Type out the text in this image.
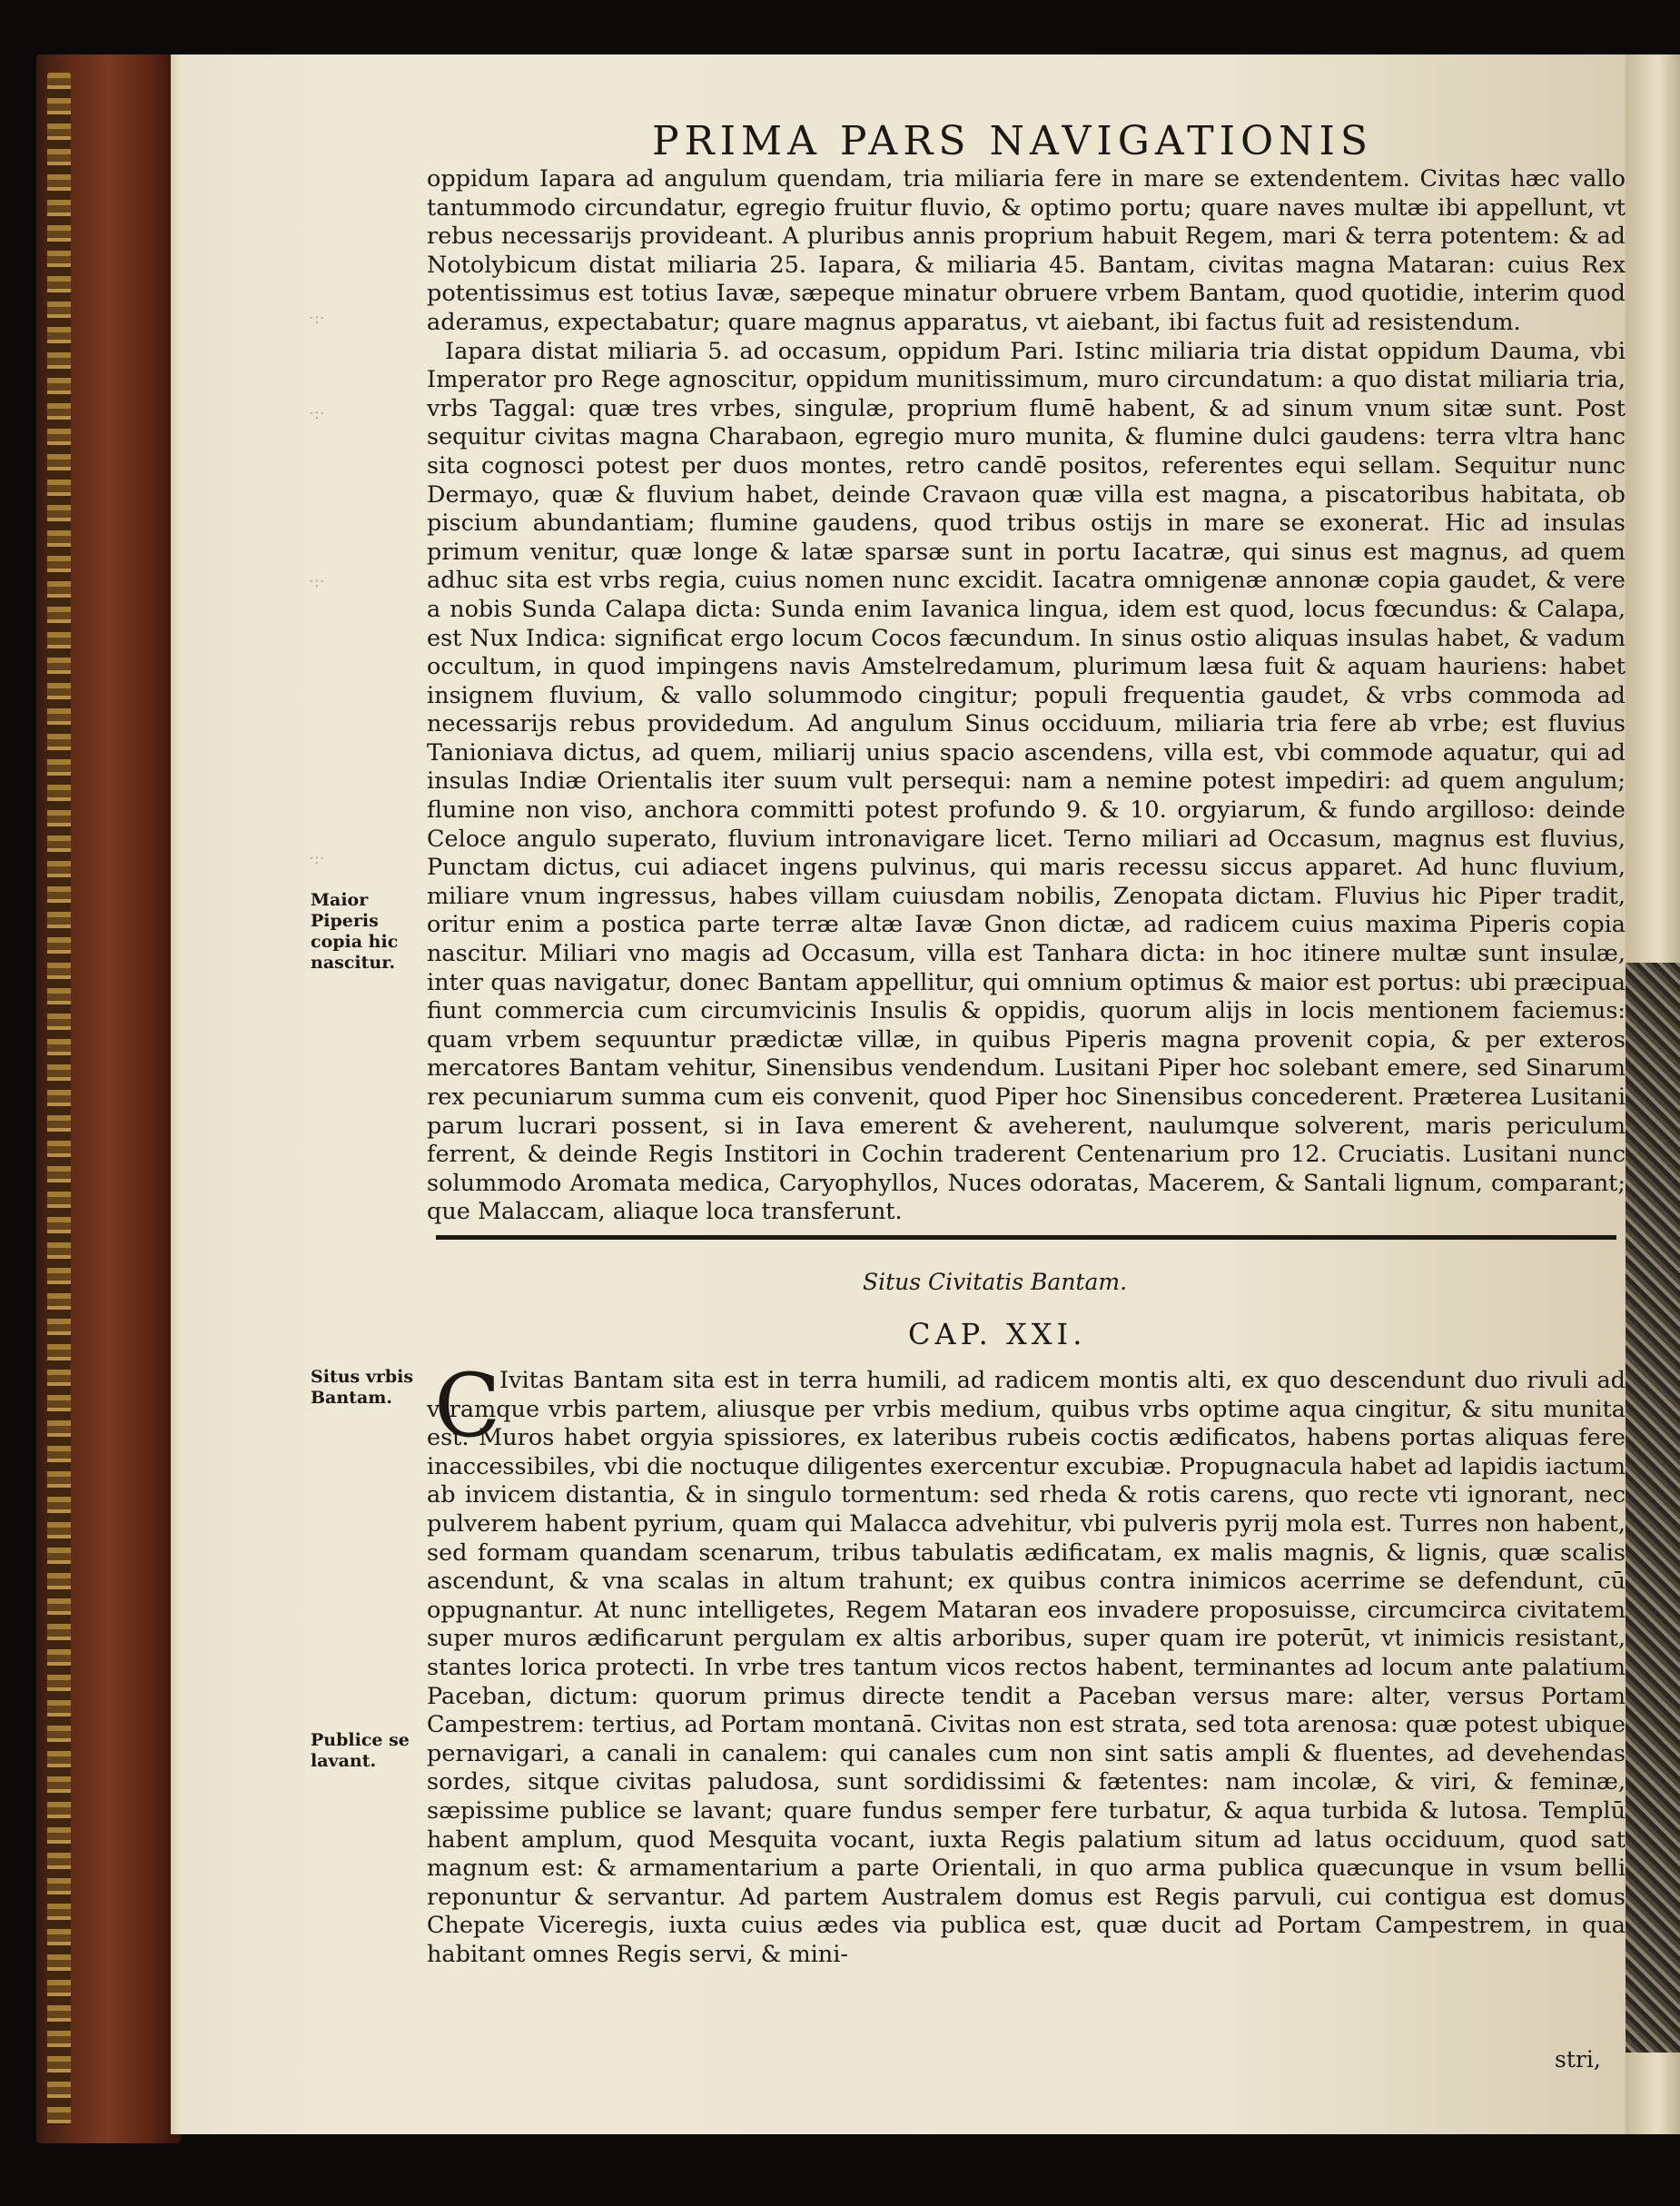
PRIMA PARS NAVIGATIONIS

oppidum Iapara ad angulum quendam, tria miliaria fere in mare se extendentem. Civitas hæc vallo tantummodo circundatur, egregio fruitur fluvio, & optimo portu; quare naves multæ ibi appellunt, vt rebus necessarijs provideant. A pluribus annis proprium habuit Regem, mari & terra potentem: & ad Notolybicum distat miliaria 25. Iapara, & miliaria 45. Bantam, civitas magna Mataran: cuius Rex potentissimus est totius Iavæ, sæpeque minatur obruere vrbem Bantam, quod quotidie, interim quod aderamus, expectabatur; quare magnus apparatus, vt aiebant, ibi factus fuit ad resistendum.

Iapara distat miliaria 5. ad occasum, oppidum Pari. Istinc miliaria tria distat oppidum Dauma, vbi Imperator pro Rege agnoscitur, oppidum munitissimum, muro circundatum: a quo distat miliaria tria, vrbs Taggal: quæ tres vrbes, singulæ, proprium flumē habent, & ad sinum vnum sitæ sunt. Post sequitur civitas magna Charabaon, egregio muro munita, & flumine dulci gaudens: terra vltra hanc sita cognosci potest per duos montes, retro candē positos, referentes equi sellam. Sequitur nunc Dermayo, quæ & fluvium habet, deinde Cravaon quæ villa est magna, a piscatoribus habitata, ob piscium abundantiam; flumine gaudens, quod tribus ostijs in mare se exonerat. Hic ad insulas primum venitur, quæ longe & latæ sparsæ sunt in portu Iacatræ, qui sinus est magnus, ad quem adhuc sita est vrbs regia, cuius nomen nunc excidit. Iacatra omnigenæ annonæ copia gaudet, & vere a nobis Sunda Calapa dicta: Sunda enim Iavanica lingua, idem est quod, locus fœcundus: & Calapa, est Nux Indica: significat ergo locum Cocos fæcundum. In sinus ostio aliquas insulas habet, & vadum occultum, in quod impingens navis Amstelredamum, plurimum læsa fuit & aquam hauriens: habet insignem fluvium, & vallo solummodo cingitur; populi frequentia gaudet, & vrbs commoda ad necessarijs rebus providedum. Ad angulum Sinus occiduum, miliaria tria fere ab vrbe; est fluvius Tanioniava dictus, ad quem, miliarij unius spacio ascendens, villa est, vbi commode aquatur, qui ad insulas Indiæ Orientalis iter suum vult persequi: nam a nemine potest impediri: ad quem angulum; flumine non viso, anchora committi potest profundo 9. & 10. orgyiarum, & fundo argilloso: deinde Celoce angulo superato, fluvium intronavigare licet. Terno miliari ad Occasum, magnus est fluvius, Punctam dictus, cui adiacet ingens pulvinus, qui maris recessu siccus apparet. Ad hunc fluvium, miliare vnum ingressus, habes villam cuiusdam nobilis, Zenopata dictam. Fluvius hic Piper tradit, oritur enim a postica parte terræ altæ Iavæ Gnon dictæ, ad radicem cuius maxima Piperis copia nascitur. Miliari vno magis ad Occasum, villa est Tanhara dicta: in hoc itinere multæ sunt insulæ, inter quas navigatur, donec Bantam appellitur, qui omnium optimus & maior est portus: ubi præcipua fiunt commercia cum circumvicinis Insulis & oppidis, quorum alijs in locis mentionem faciemus: quam vrbem sequuntur prædictæ villæ, in quibus Piperis magna provenit copia, & per exteros mercatores Bantam vehitur, Sinensibus vendendum. Lusitani Piper hoc solebant emere, sed Sinarum rex pecuniarum summa cum eis convenit, quod Piper hoc Sinensibus concederent. Præterea Lusitani parum lucrari possent, si in Iava emerent & aveherent, naulumque solverent, maris periculum ferrent, & deinde Regis Institori in Cochin traderent Centenarium pro 12. Cruciatis. Lusitani nunc solummodo Aromata medica, Caryophyllos, Nuces odoratas, Macerem, & Santali lignum, comparant; que Malaccam, aliaque loca transferunt.

·:·
·:·
·:·
·:·
Maior Piperis copia hic nascitur.
Situs Civitatis Bantam.
CAP. XXI.
Situs vrbis Bantam. C

Ivitas Bantam sita est in terra humili, ad radicem montis alti, ex quo descendunt duo rivuli ad vtramque vrbis partem, aliusque per vrbis medium, quibus vrbs optime aqua cingitur, & situ munita est. Muros habet orgyia spissiores, ex lateribus rubeis coctis ædificatos, habens portas aliquas fere inaccessibiles, vbi die noctuque diligentes exercentur excubiæ. Propugnacula habet ad lapidis iactum ab invicem distantia, & in singulo tormentum: sed rheda & rotis carens, quo recte vti ignorant, nec pulverem habent pyrium, quam qui Malacca advehitur, vbi pulveris pyrij mola est. Turres non habent, sed formam quandam scenarum, tribus tabulatis ædificatam, ex malis magnis, & lignis, quæ scalis ascendunt, & vna scalas in altum trahunt; ex quibus contra inimicos acerrime se defendunt, cū oppugnantur. At nunc intelligetes, Regem Mataran eos invadere proposuisse, circumcirca civitatem super muros ædificarunt pergulam ex altis arboribus, super quam ire poterūt, vt inimicis resistant, stantes lorica protecti. In vrbe tres tantum vicos rectos habent, terminantes ad locum ante palatium Paceban, dictum: quorum primus directe tendit a Paceban versus mare: alter, versus Portam Campestrem: tertius, ad Portam montanā. Civitas non est strata, sed tota arenosa: quæ potest ubique pernavigari, a canali in canalem: qui canales cum non sint satis ampli & fluentes, ad devehendas sordes, sitque civitas paludosa, sunt sordidissimi & fætentes: nam incolæ, & viri, & feminæ, sæpissime publice se lavant; quare fundus semper fere turbatur, & aqua turbida & lutosa. Templū habent amplum, quod Mesquita vocant, iuxta Regis palatium situm ad latus occiduum, quod sat magnum est: & armamentarium a parte Orientali, in quo arma publica quæcunque in vsum belli reponuntur & servantur. Ad partem Australem domus est Regis parvuli, cui contigua est domus Chepate Viceregis, iuxta cuius ædes via publica est, quæ ducit ad Portam Campestrem, in qua habitant omnes Regis servi, & mini-

Publice se lavant.
stri,
